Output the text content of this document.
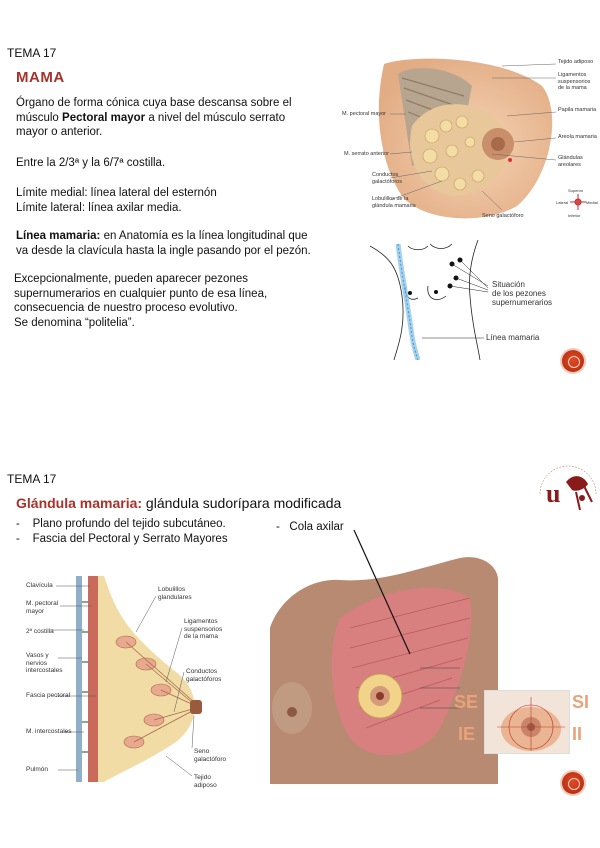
TEMA 17
MAMA
Órgano de forma cónica cuya base descansa sobre el
músculo Pectoral mayor a nivel del músculo serrato
mayor o anterior.
Entre la 2/3ª y la 6/7ª costilla.
Límite medial: línea lateral del esternón
Límite lateral: línea axilar media.
Línea mamaria: en Anatomía es la línea longitudinal que
va desde la clavícula hasta la ingle pasando por el pezón.
Excepcionalmente, pueden aparecer pezones
supernumerarios en cualquier punto de esa línea,
consecuencia de nuestro proceso evolutivo.
Se denomina “politelia”.
Tejido adiposo
Ligamentos suspensorios de la mama
Papila mamaria
Areola mamaria
Glándulas areolares
M. pectoral mayor
M. serrato anterior
Conductos galactóforos
Lobulillos de la glándula mamaria
Seno galactóforo
Superior
Inferior
Lateral	Medial
Situación
de los pezones
supernumerarios
Línea mamaria
TEMA 17
Glándula mamaria: glándula sudorípara modificada
-    Plano profundo del tejido subcutáneo.
-    Fascia del Pectoral y Serrato Mayores
-   Cola axilar
u
Clavícula
M. pectoral mayor
2ª costilla
Vasos y nervios intercostales
Fascia pectoral
M. intercostales
Pulmón
Lobulillos glandulares
Ligamentos suspensorios de la mama
Conductos galactóforos
Seno galactóforo
Tejido adiposo
SE
IE
SI
II
